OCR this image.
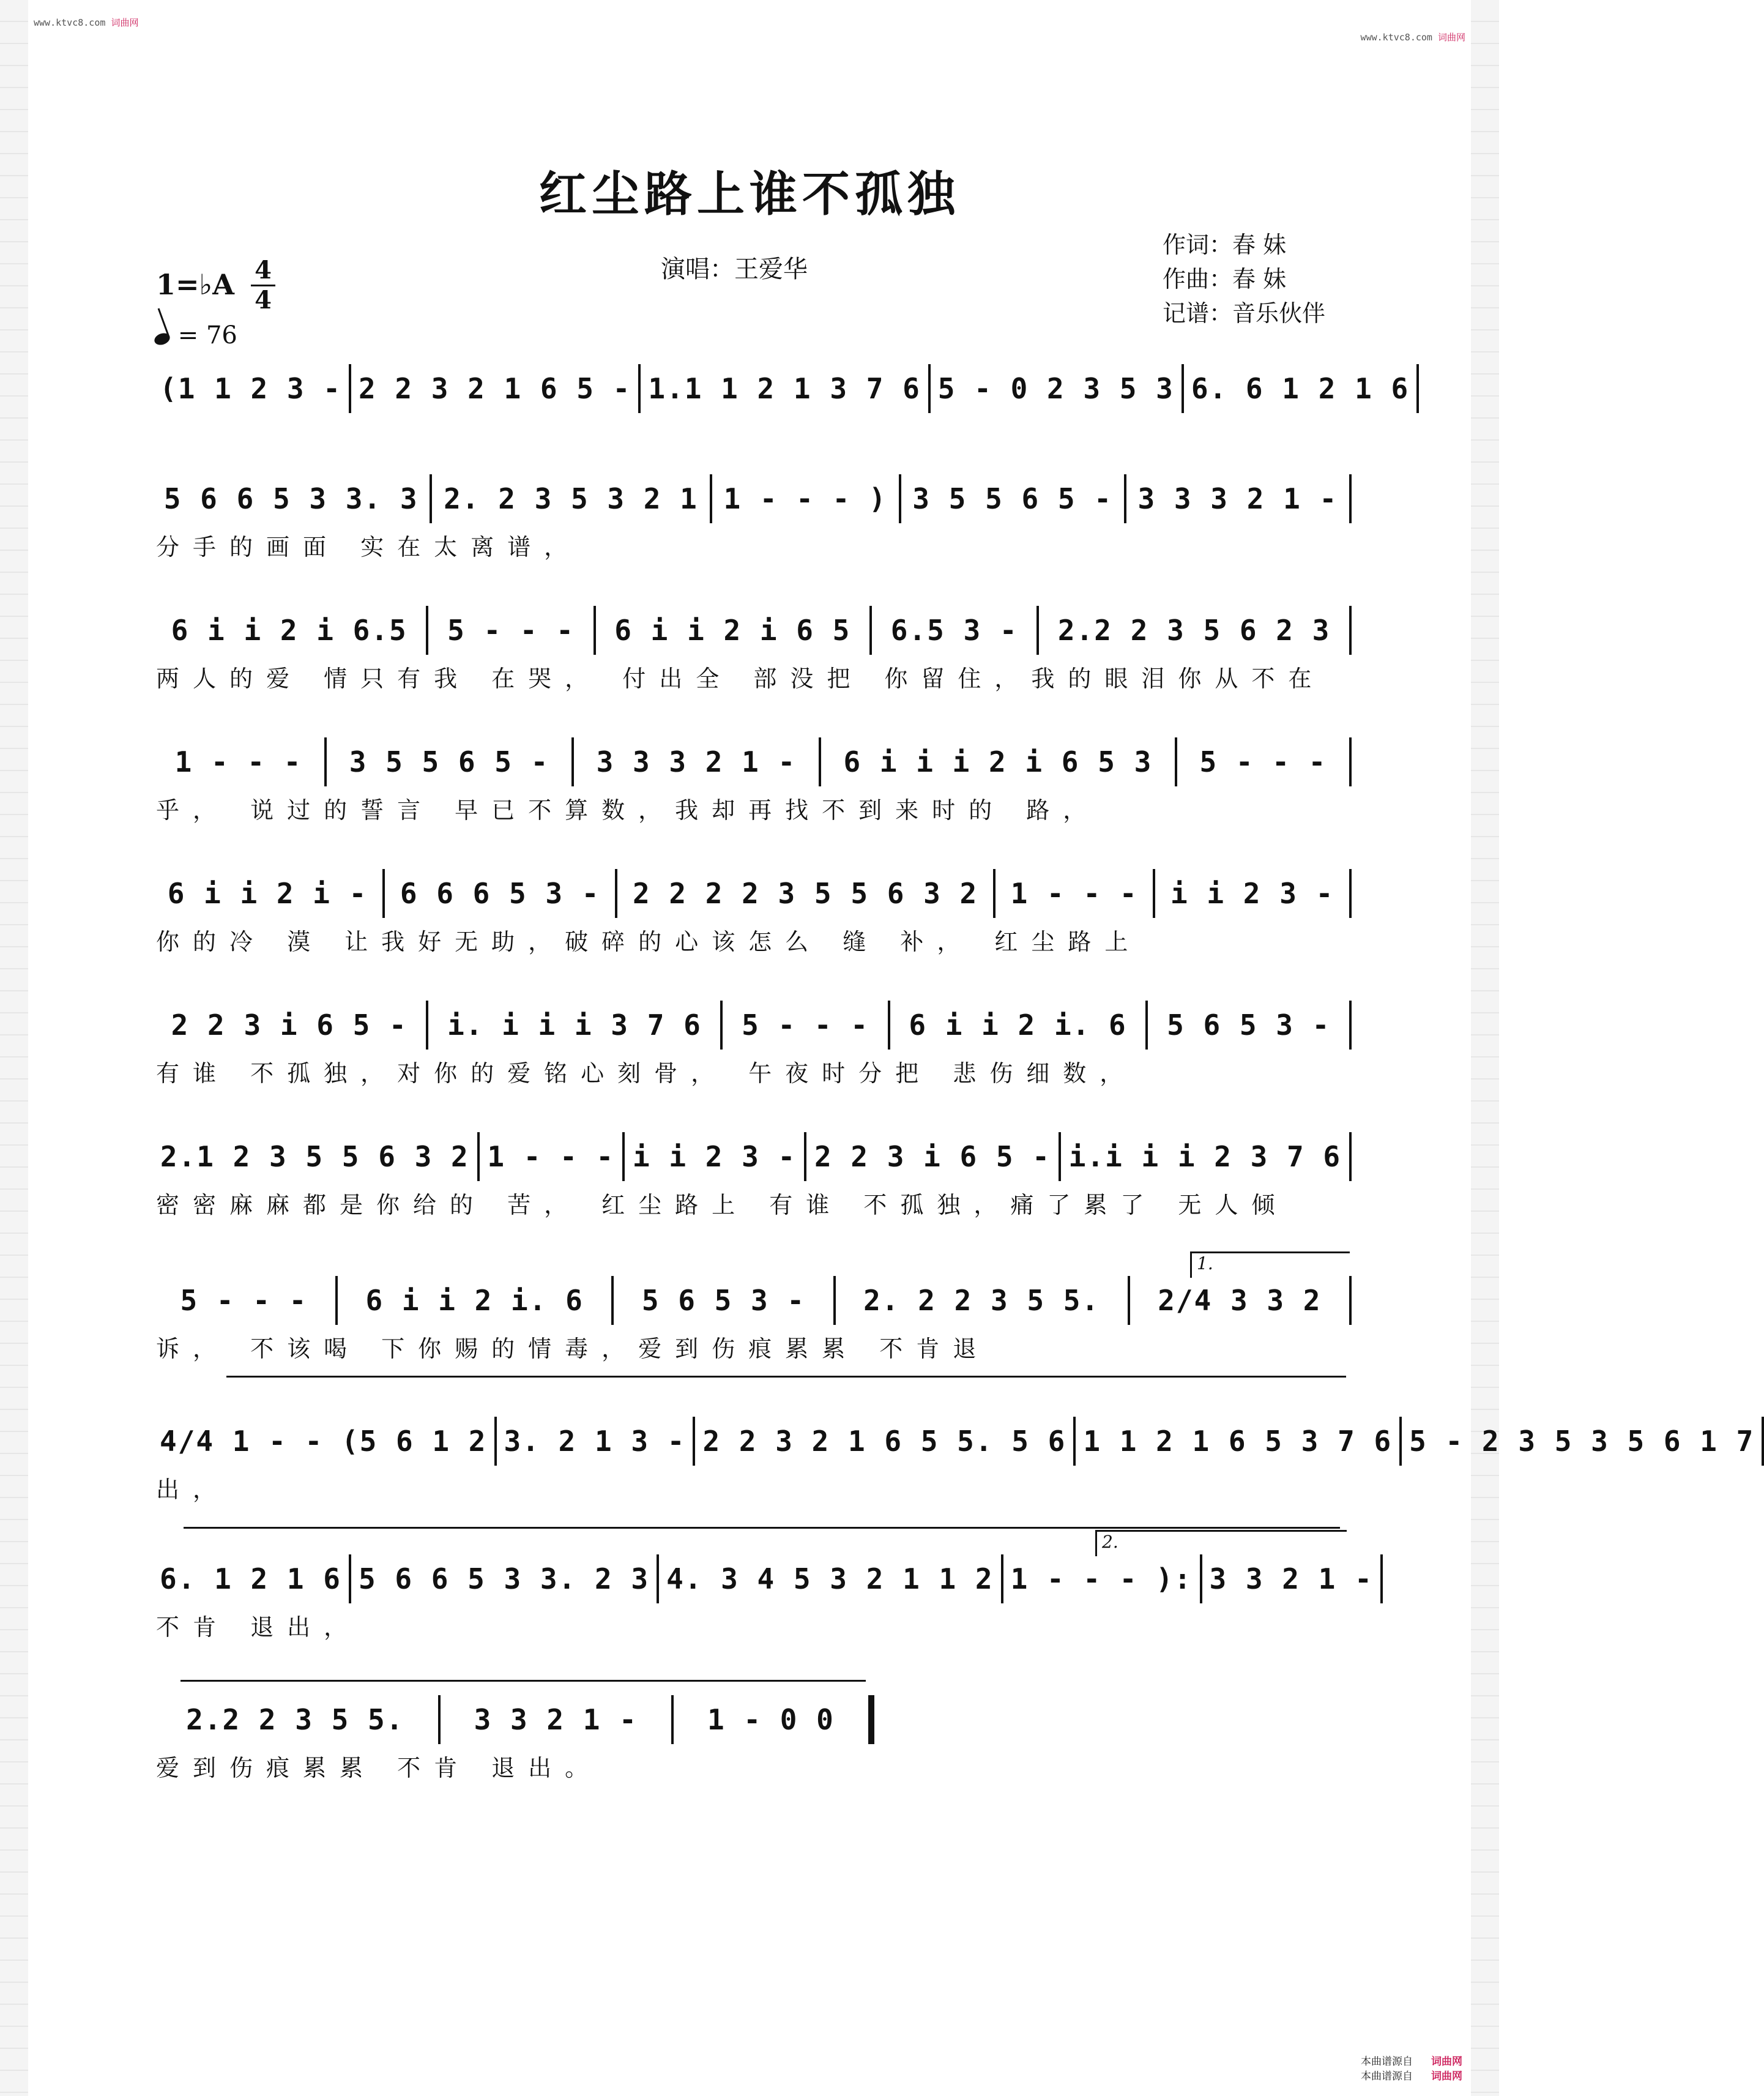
www.ktvc8.com 词曲网
www.ktvc8.com 词曲网
红尘路上谁不孤独
1=♭A 4
4
= 76
演唱：王爱华
作词：春 妹
作曲：春 妹
记谱：音乐伙伴
(1 1 2 3 - 2 2 3 2 1 6 5 - 1.1 1 2 1 3 7 6 5 - 0 2 3 5 3 6. 6 1 2 1 6
5 6 6 5 3 3. 3 2. 2 3 5 3 2 1 1 - - - ) 3 5 5 6 5 - 3 3 3 2 1 -
分手的画面 实在太离谱，
6 i i 2 i 6.5 5 - - - 6 i i 2 i 6 5 6.5 3 - 2.2 2 3 5 6 2 3
两人的爱 情只有我 在哭， 付出全 部没把 你留住，我的眼泪你从不在
1 - - - 3 5 5 6 5 - 3 3 3 2 1 - 6 i i i 2 i 6 5 3 5 - - -
乎， 说过的誓言 早已不算数，我却再找不到来时的 路，
6 i i 2 i - 6 6 6 5 3 - 2 2 2 2 3 5 5 6 3 2 1 - - - i i 2 3 -
你的冷 漠 让我好无助，破碎的心该怎么 缝 补， 红尘路上
2 2 3 i 6 5 - i. i i i 3 7 6 5 - - - 6 i i 2 i. 6 5 6 5 3 -
有谁 不孤独，对你的爱铭心刻骨， 午夜时分把 悲伤细数，
2.1 2 3 5 5 6 3 2 1 - - - i i 2 3 - 2 2 3 i 6 5 - i.i i i 2 3 7 6
密密麻麻都是你给的 苦， 红尘路上 有谁 不孤独，痛了累了 无人倾
5 - - - 6 i i 2 i. 6 5 6 5 3 - 2. 2 2 3 5 5. 2/4 3 3 2
诉， 不该喝 下你赐的情毒，爱到伤痕累累 不肯退
1.
4/4 1 - - (5 6 1 2 3. 2 1 3 - 2 2 3 2 1 6 5 5. 5 6 1 1 2 1 6 5 3 7 6 5 - 2 3 5 3 5 6 1 7
出，
6. 1 2 1 6 5 6 6 5 3 3. 2 3 4. 3 4 5 3 2 1 1 2 1 - - - ): 3 3 2 1 -
不肯 退出，
2.
2.2 2 3 5 5. 3 3 2 1 - 1 - 0 0
爱到伤痕累累 不肯 退出。
本曲谱源自 词曲网
本曲谱源自 词曲网
